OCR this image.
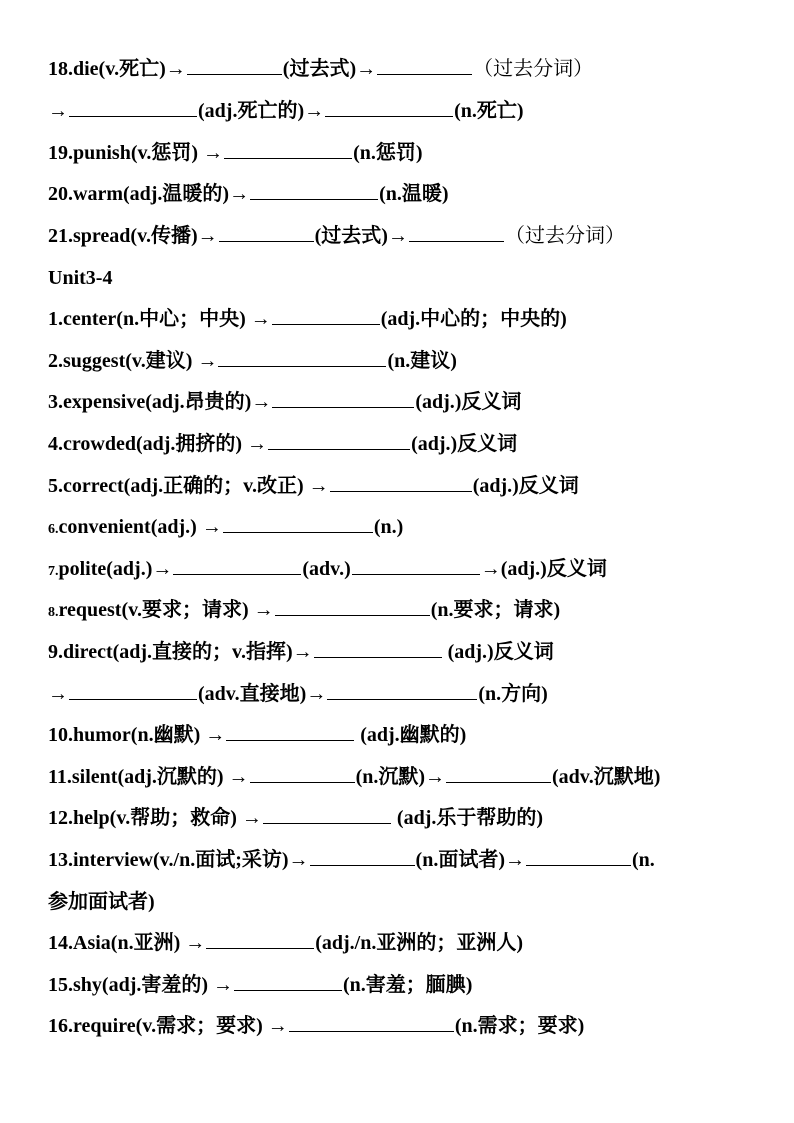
18.die(v.死亡)→	(过去式)→	（过去分词）
→	(adj.死亡的)→	(n.死亡)
19.punish(v.惩罚) →	(n.惩罚)
20.warm(adj.温暖的)→	(n.温暖)
21.spread(v.传播)→	(过去式)→	（过去分词）
Unit3-4
1.center(n.中心；中央) →	(adj.中心的；中央的)
2.suggest(v.建议) →	(n.建议)
3.expensive(adj.昂贵的)→	(adj.)反义词
4.crowded(adj.拥挤的) →	(adj.)反义词
5.correct(adj.正确的；v.改正) →	(adj.)反义词
6.convenient(adj.) →	(n.)
7.polite(adj.)→	(adv.)	→(adj.)反义词
8.request(v.要求；请求) →	(n.要求；请求)
9.direct(adj.直接的；v.指挥)→	(adj.)反义词
→	(adv.直接地)→	(n.方向)
10.humor(n.幽默) →	(adj.幽默的)
11.silent(adj.沉默的) →	(n.沉默)→	(adv.沉默地)
12.help(v.帮助；救命) →	(adj.乐于帮助的)
13.interview(v./n.面试;采访)→	(n.面试者)→	(n.
参加面试者)
14.Asia(n.亚洲) →	(adj./n.亚洲的；亚洲人)
15.shy(adj.害羞的) →	(n.害羞；腼腆)
16.require(v.需求；要求) →	(n.需求；要求)
